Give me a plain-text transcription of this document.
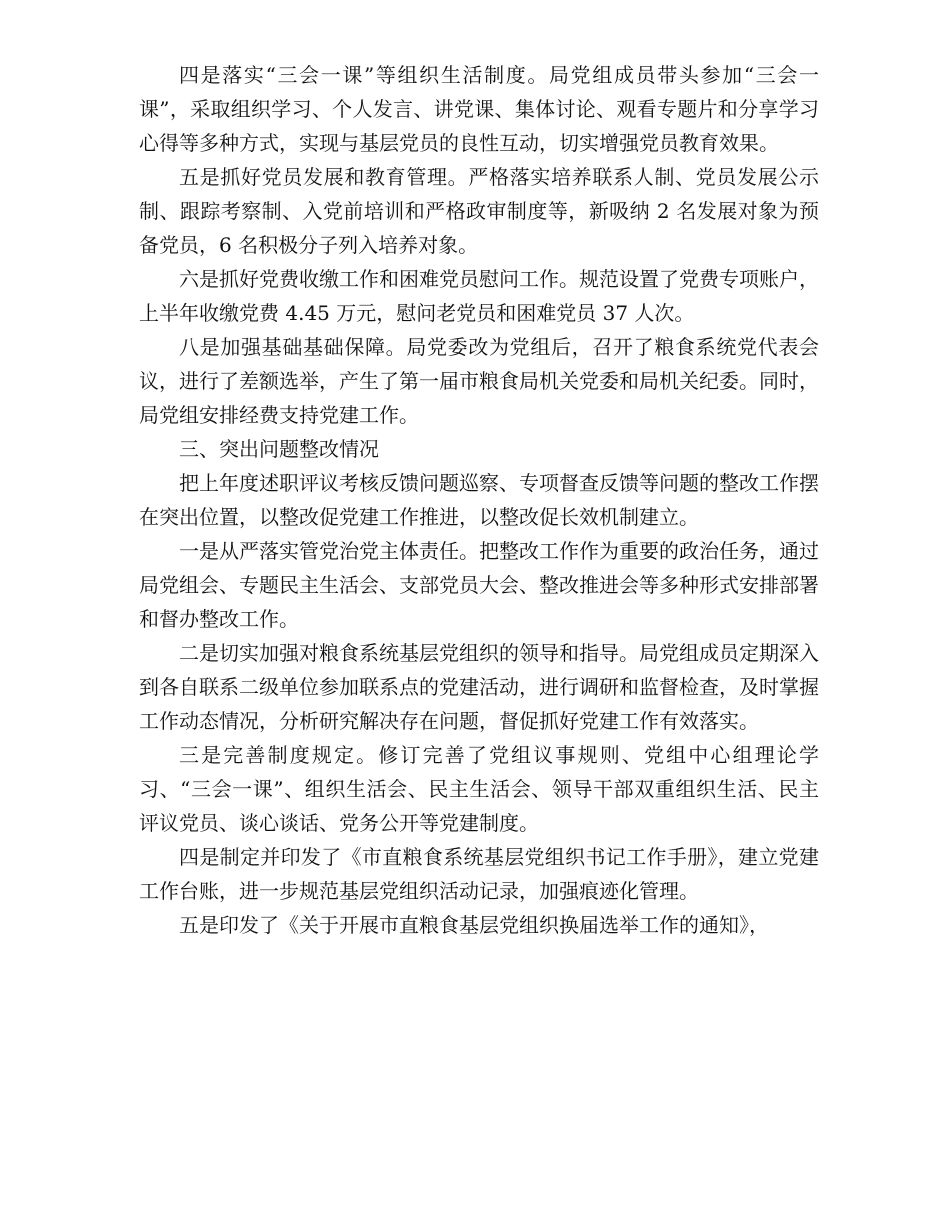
四是落实“三会一课”等组织生活制度。局党组成员带头参加“三会一课”，采取组织学习、个人发言、讲党课、集体讨论、观看专题片和分享学习心得等多种方式，实现与基层党员的良性互动，切实增强党员教育效果。

五是抓好党员发展和教育管理。严格落实培养联系人制、党员发展公示制、跟踪考察制、入党前培训和严格政审制度等，新吸纳 2 名发展对象为预备党员，6 名积极分子列入培养对象。

六是抓好党费收缴工作和困难党员慰问工作。规范设置了党费专项账户，上半年收缴党费 4.45 万元，慰问老党员和困难党员 37 人次。

八是加强基础基础保障。局党委改为党组后，召开了粮食系统党代表会议，进行了差额选举，产生了第一届市粮食局机关党委和局机关纪委。同时，局党组安排经费支持党建工作。

三、突出问题整改情况

把上年度述职评议考核反馈问题巡察、专项督查反馈等问题的整改工作摆在突出位置，以整改促党建工作推进，以整改促长效机制建立。

一是从严落实管党治党主体责任。把整改工作作为重要的政治任务，通过局党组会、专题民主生活会、支部党员大会、整改推进会等多种形式安排部署和督办整改工作。

二是切实加强对粮食系统基层党组织的领导和指导。局党组成员定期深入到各自联系二级单位参加联系点的党建活动，进行调研和监督检查，及时掌握工作动态情况，分析研究解决存在问题，督促抓好党建工作有效落实。

三是完善制度规定。修订完善了党组议事规则、党组中心组理论学习、“三会一课”、组织生活会、民主生活会、领导干部双重组织生活、民主评议党员、谈心谈话、党务公开等党建制度。

四是制定并印发了《市直粮食系统基层党组织书记工作手册》，建立党建工作台账，进一步规范基层党组织活动记录，加强痕迹化管理。

五是印发了《关于开展市直粮食基层党组织换届选举工作的通知》，
